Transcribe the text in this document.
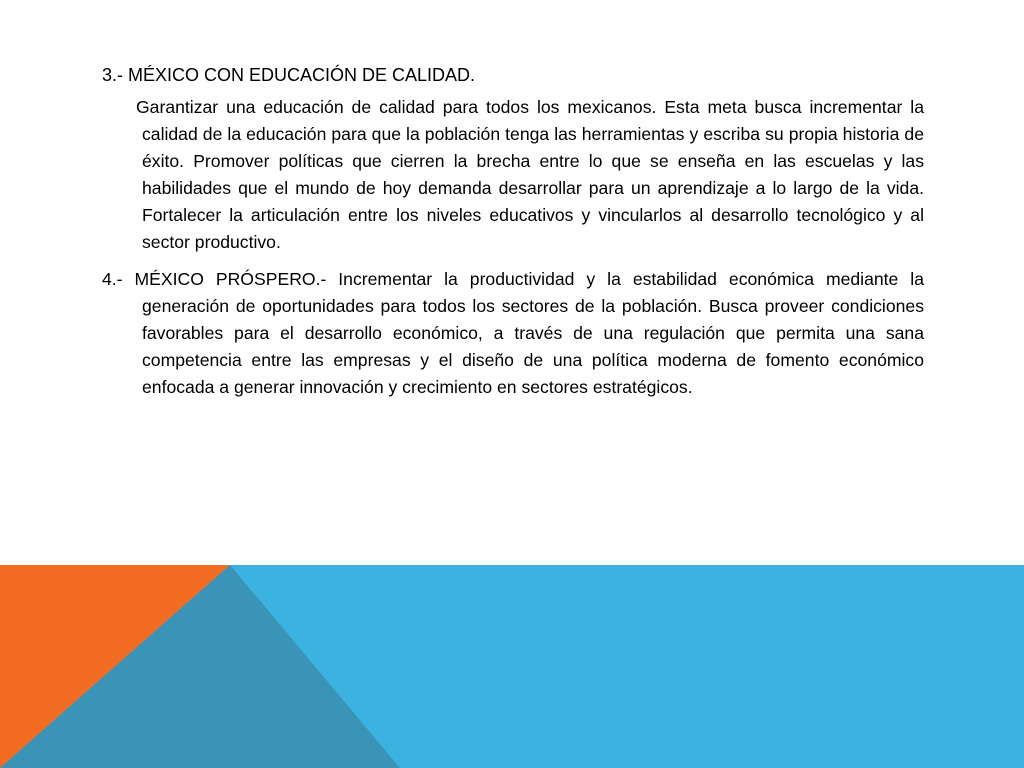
3.- MÉXICO CON EDUCACIÓN DE CALIDAD.

Garantizar una educación de calidad para todos los mexicanos. Esta meta busca incrementar la calidad de la educación para que la población tenga las herramientas y escriba su propia historia de éxito. Promover políticas que cierren la brecha entre lo que se enseña en las escuelas y las habilidades que el mundo de hoy demanda desarrollar para un aprendizaje a lo largo de la vida. Fortalecer la articulación entre los niveles educativos y vincularlos al desarrollo tecnológico y al sector productivo.

4.- MÉXICO PRÓSPERO.- Incrementar la productividad y la estabilidad económica mediante la generación de oportunidades para todos los sectores de la población. Busca proveer condiciones favorables para el desarrollo económico, a través de una regulación que permita una sana competencia entre las empresas y el diseño de una política moderna de fomento económico enfocada a generar innovación y crecimiento en sectores estratégicos.
